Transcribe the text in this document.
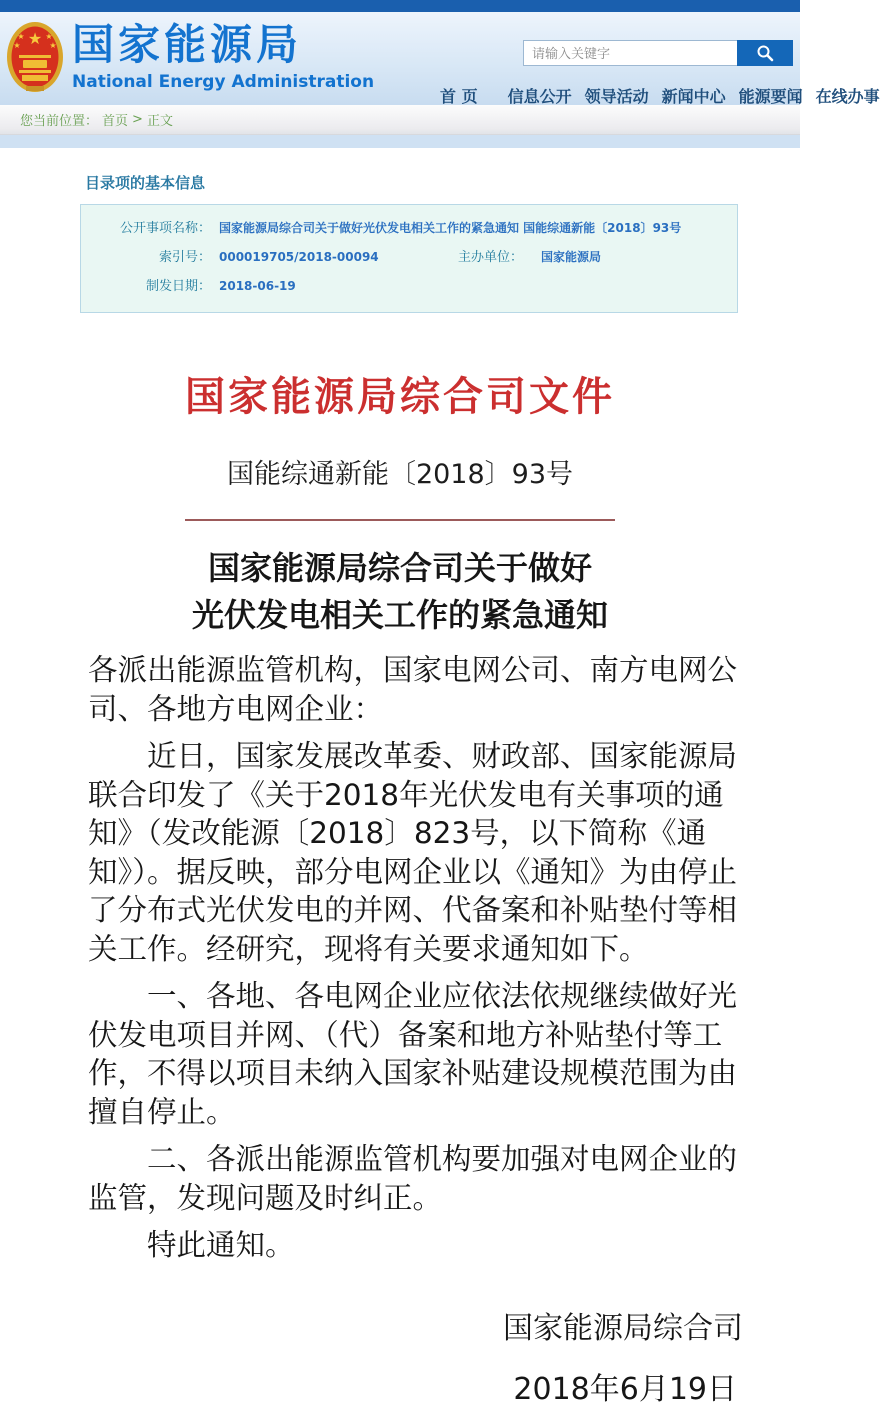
★
★	★
★	★ 国家能源局
National Energy Administration
请输入关键字
首 页 信息公开 领导活动 新闻中心 能源要闻 在线办事
您当前位置： 首页 > 正文
目录项的基本信息
公开事项名称： 国家能源局综合司关于做好光伏发电相关工作的紧急通知 国能综通新能〔2018〕93号
索引号： 000019705/2018-00094	主办单位：	国家能源局
制发日期： 2018-06-19
国家能源局综合司文件
国能综通新能〔2018〕93号
国家能源局综合司关于做好
光伏发电相关工作的紧急通知

各派出能源监管机构，国家电网公司、南方电网公司、各地方电网企业：

近日，国家发展改革委、财政部、国家能源局联合印发了《关于2018年光伏发电有关事项的通知》（发改能源〔2018〕823号，以下简称《通知》）。据反映，部分电网企业以《通知》为由停止了分布式光伏发电的并网、代备案和补贴垫付等相关工作。经研究，现将有关要求通知如下。

一、各地、各电网企业应依法依规继续做好光伏发电项目并网、（代）备案和地方补贴垫付等工作，不得以项目未纳入国家补贴建设规模范围为由擅自停止。

二、各派出能源监管机构要加强对电网企业的监管，发现问题及时纠正。

特此通知。

国家能源局综合司
2018年6月19日
